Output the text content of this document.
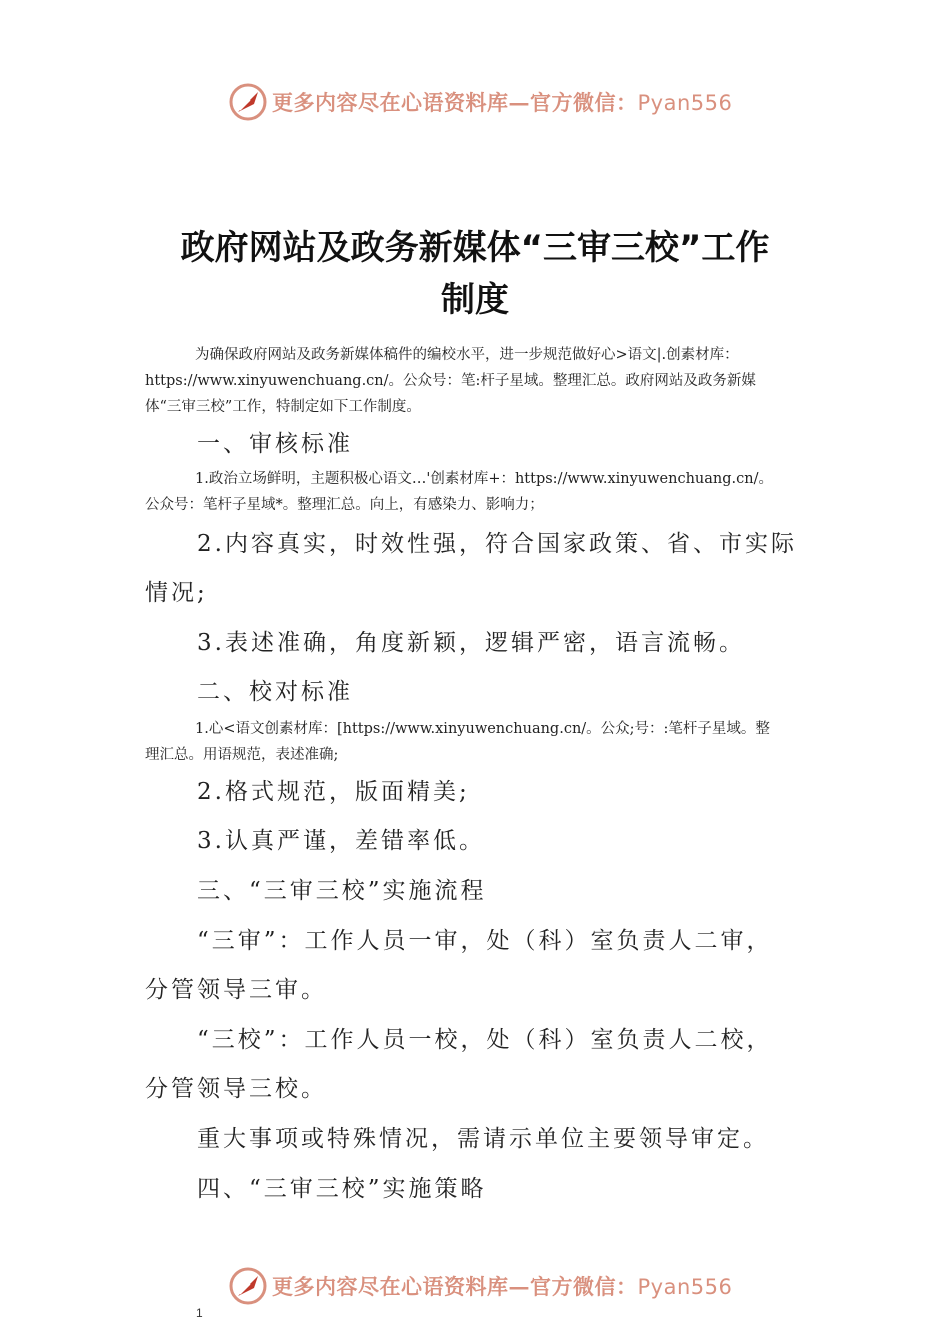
更多内容尽在心语资料库—官方微信：Pyan556
政府网站及政务新媒体“三审三校”工作
制度
为确保政府网站及政务新媒体稿件的编校水平，进一步规范做好心>语文|.创素材库：
https://www.xinyuwenchuang.cn/。公众号：笔:杆子星域。整理汇总。政府网站及政务新媒
体“三审三校”工作，特制定如下工作制度。
一、审核标准
1.政治立场鲜明，主题积极心语文…'创素材库+：https://www.xinyuwenchuang.cn/。
公众号：笔杆子星域*。整理汇总。向上，有感染力、影响力；
2.内容真实，时效性强，符合国家政策、省、市实际
情况;
3.表述准确，角度新颖，逻辑严密，语言流畅。
二、校对标准
1.心<语文创素材库：[https://www.xinyuwenchuang.cn/。公众;号：:笔杆子星域。整
理汇总。用语规范，表述准确;
2.格式规范，版面精美;
3.认真严谨，差错率低。
三、“三审三校”实施流程
“三审”：工作人员一审，处（科）室负责人二审，
分管领导三审。
“三校”：工作人员一校，处（科）室负责人二校，
分管领导三校。
重大事项或特殊情况，需请示单位主要领导审定。
四、“三审三校”实施策略
更多内容尽在心语资料库—官方微信：Pyan556
1
